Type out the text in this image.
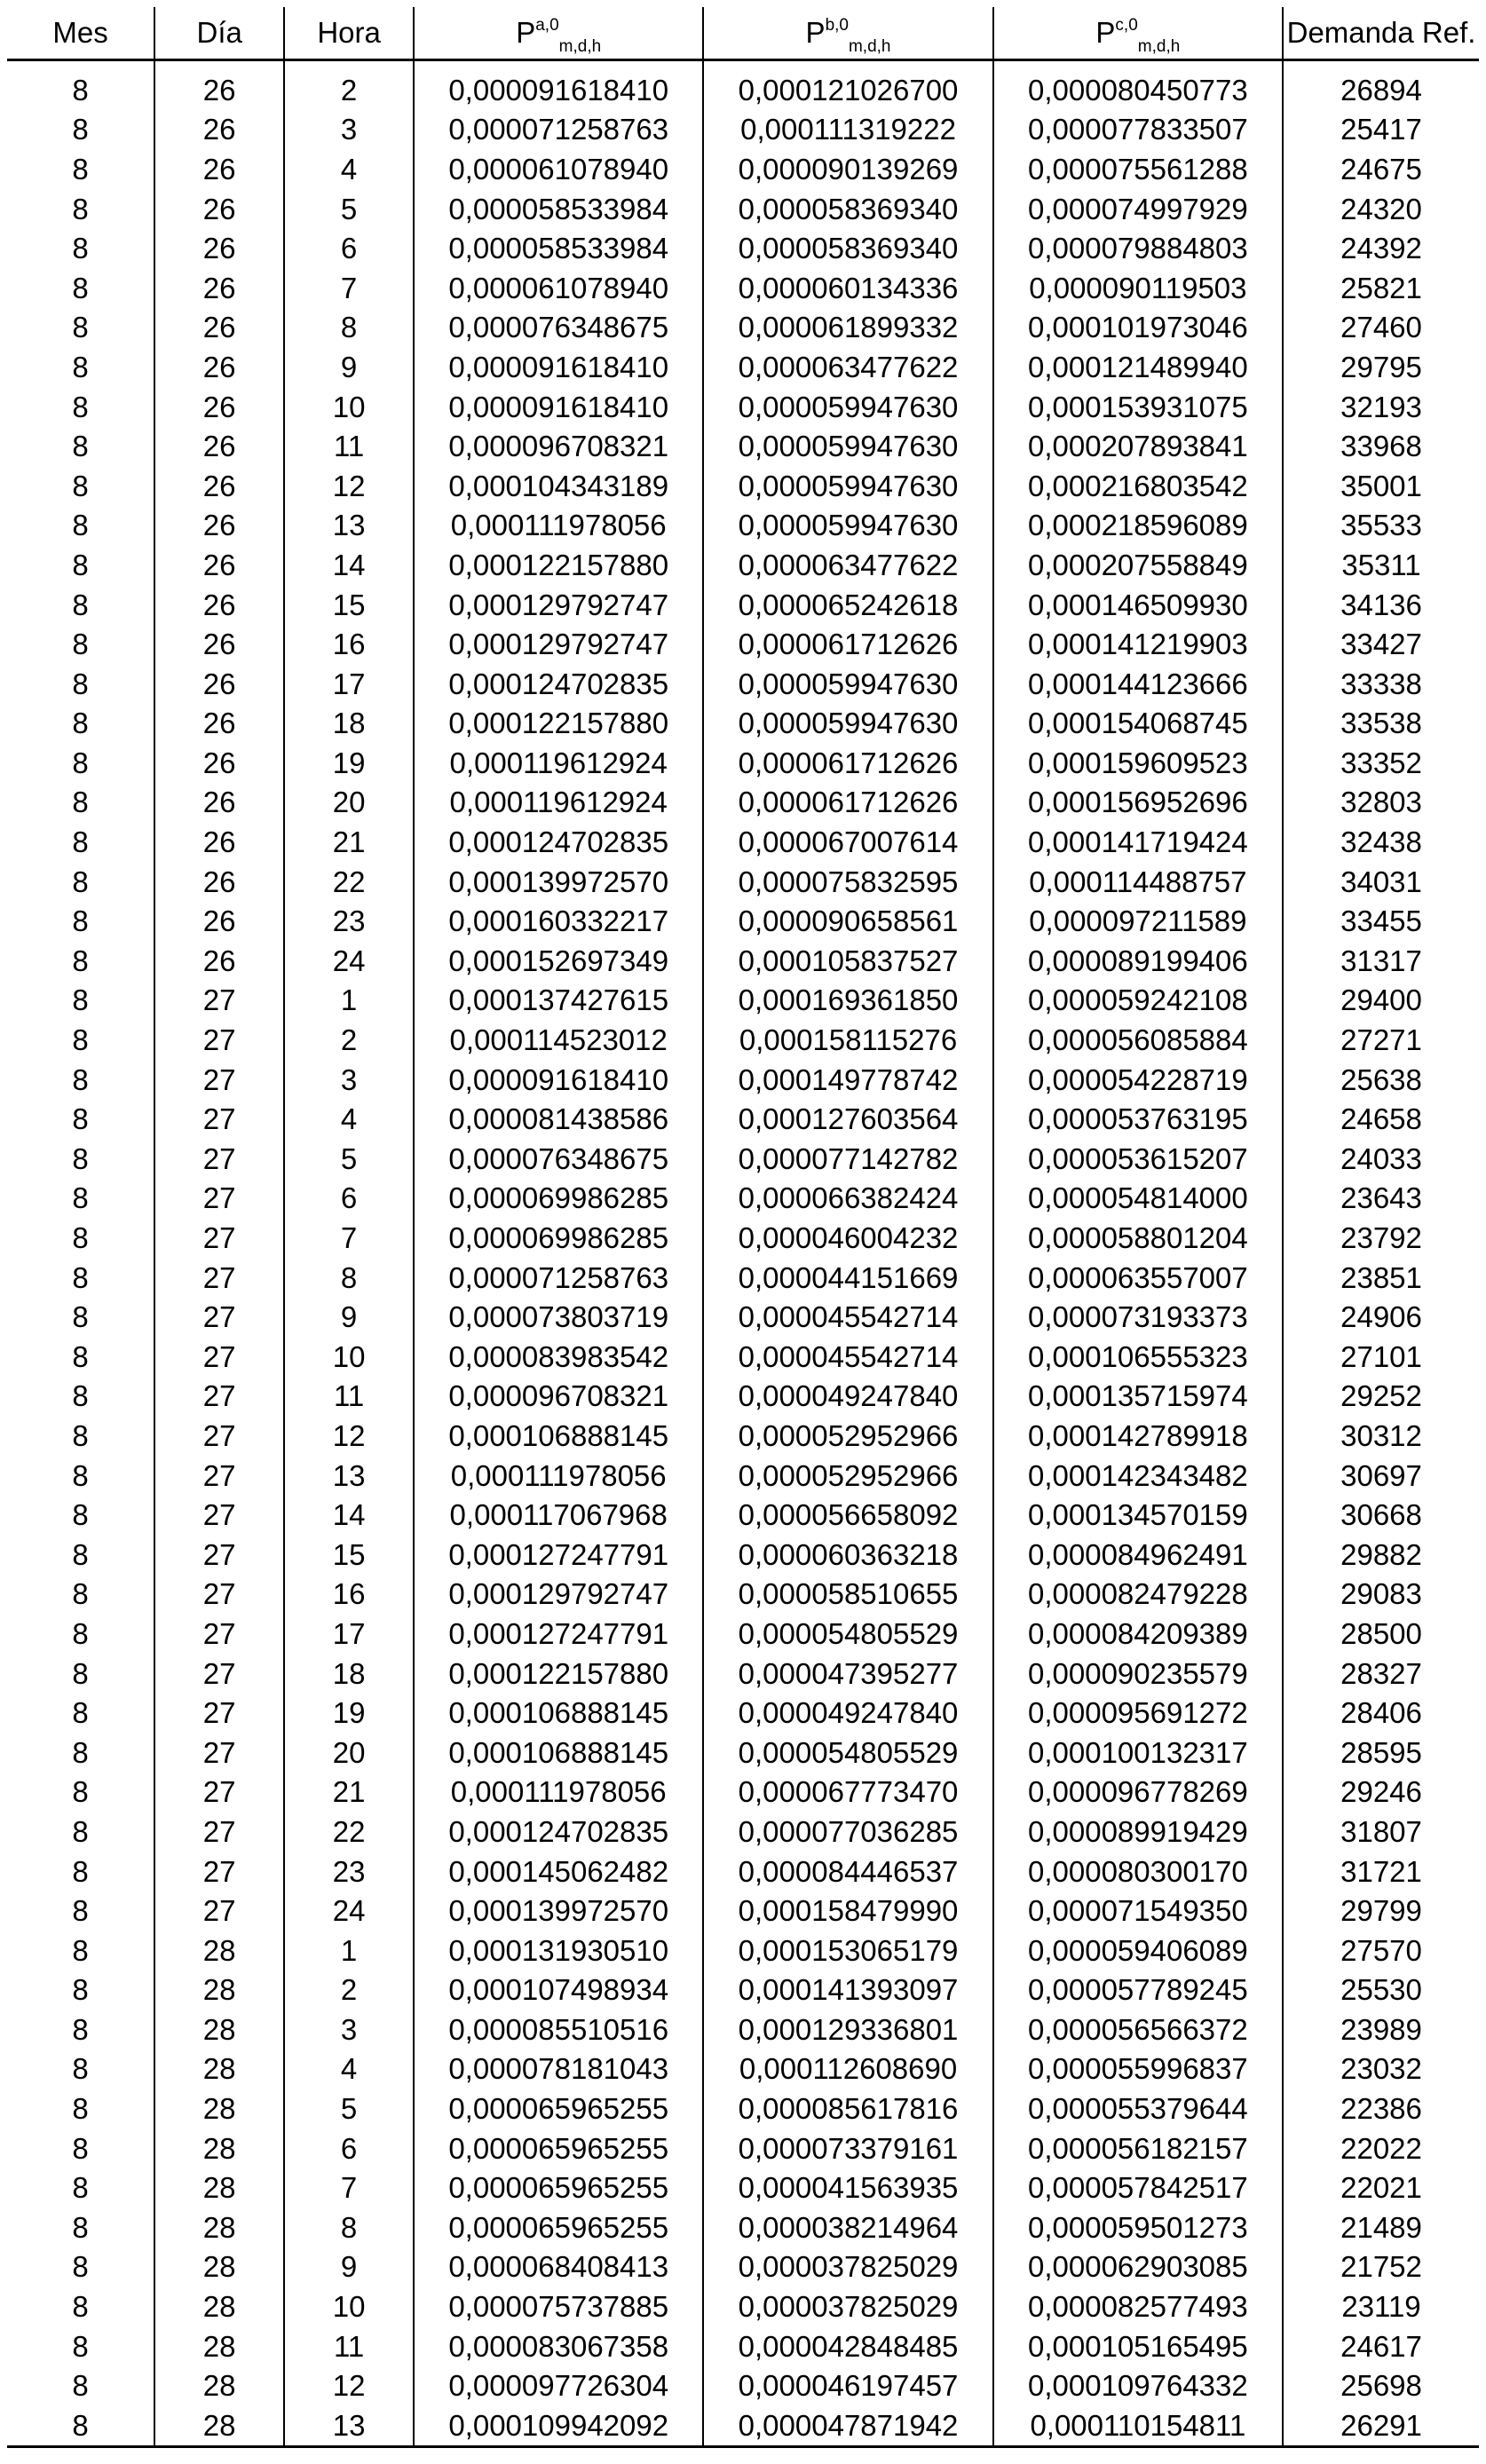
Mes	Día	Hora	P$^{a,0}_{m,d,h}$	P$^{b,0}_{m,d,h}$	P$^{c,0}_{m,d,h}$	Demanda Ref.
8	26	2	0,000091618410	0,000121026700	0,000080450773	26894
8	26	3	0,000071258763	0,000111319222	0,000077833507	25417
8	26	4	0,000061078940	0,000090139269	0,000075561288	24675
8	26	5	0,000058533984	0,000058369340	0,000074997929	24320
8	26	6	0,000058533984	0,000058369340	0,000079884803	24392
8	26	7	0,000061078940	0,000060134336	0,000090119503	25821
8	26	8	0,000076348675	0,000061899332	0,000101973046	27460
8	26	9	0,000091618410	0,000063477622	0,000121489940	29795
8	26	10	0,000091618410	0,000059947630	0,000153931075	32193
8	26	11	0,000096708321	0,000059947630	0,000207893841	33968
8	26	12	0,000104343189	0,000059947630	0,000216803542	35001
8	26	13	0,000111978056	0,000059947630	0,000218596089	35533
8	26	14	0,000122157880	0,000063477622	0,000207558849	35311
8	26	15	0,000129792747	0,000065242618	0,000146509930	34136
8	26	16	0,000129792747	0,000061712626	0,000141219903	33427
8	26	17	0,000124702835	0,000059947630	0,000144123666	33338
8	26	18	0,000122157880	0,000059947630	0,000154068745	33538
8	26	19	0,000119612924	0,000061712626	0,000159609523	33352
8	26	20	0,000119612924	0,000061712626	0,000156952696	32803
8	26	21	0,000124702835	0,000067007614	0,000141719424	32438
8	26	22	0,000139972570	0,000075832595	0,000114488757	34031
8	26	23	0,000160332217	0,000090658561	0,000097211589	33455
8	26	24	0,000152697349	0,000105837527	0,000089199406	31317
8	27	1	0,000137427615	0,000169361850	0,000059242108	29400
8	27	2	0,000114523012	0,000158115276	0,000056085884	27271
8	27	3	0,000091618410	0,000149778742	0,000054228719	25638
8	27	4	0,000081438586	0,000127603564	0,000053763195	24658
8	27	5	0,000076348675	0,000077142782	0,000053615207	24033
8	27	6	0,000069986285	0,000066382424	0,000054814000	23643
8	27	7	0,000069986285	0,000046004232	0,000058801204	23792
8	27	8	0,000071258763	0,000044151669	0,000063557007	23851
8	27	9	0,000073803719	0,000045542714	0,000073193373	24906
8	27	10	0,000083983542	0,000045542714	0,000106555323	27101
8	27	11	0,000096708321	0,000049247840	0,000135715974	29252
8	27	12	0,000106888145	0,000052952966	0,000142789918	30312
8	27	13	0,000111978056	0,000052952966	0,000142343482	30697
8	27	14	0,000117067968	0,000056658092	0,000134570159	30668
8	27	15	0,000127247791	0,000060363218	0,000084962491	29882
8	27	16	0,000129792747	0,000058510655	0,000082479228	29083
8	27	17	0,000127247791	0,000054805529	0,000084209389	28500
8	27	18	0,000122157880	0,000047395277	0,000090235579	28327
8	27	19	0,000106888145	0,000049247840	0,000095691272	28406
8	27	20	0,000106888145	0,000054805529	0,000100132317	28595
8	27	21	0,000111978056	0,000067773470	0,000096778269	29246
8	27	22	0,000124702835	0,000077036285	0,000089919429	31807
8	27	23	0,000145062482	0,000084446537	0,000080300170	31721
8	27	24	0,000139972570	0,000158479990	0,000071549350	29799
8	28	1	0,000131930510	0,000153065179	0,000059406089	27570
8	28	2	0,000107498934	0,000141393097	0,000057789245	25530
8	28	3	0,000085510516	0,000129336801	0,000056566372	23989
8	28	4	0,000078181043	0,000112608690	0,000055996837	23032
8	28	5	0,000065965255	0,000085617816	0,000055379644	22386
8	28	6	0,000065965255	0,000073379161	0,000056182157	22022
8	28	7	0,000065965255	0,000041563935	0,000057842517	22021
8	28	8	0,000065965255	0,000038214964	0,000059501273	21489
8	28	9	0,000068408413	0,000037825029	0,000062903085	21752
8	28	10	0,000075737885	0,000037825029	0,000082577493	23119
8	28	11	0,000083067358	0,000042848485	0,000105165495	24617
8	28	12	0,000097726304	0,000046197457	0,000109764332	25698
8	28	13	0,000109942092	0,000047871942	0,000110154811	26291
